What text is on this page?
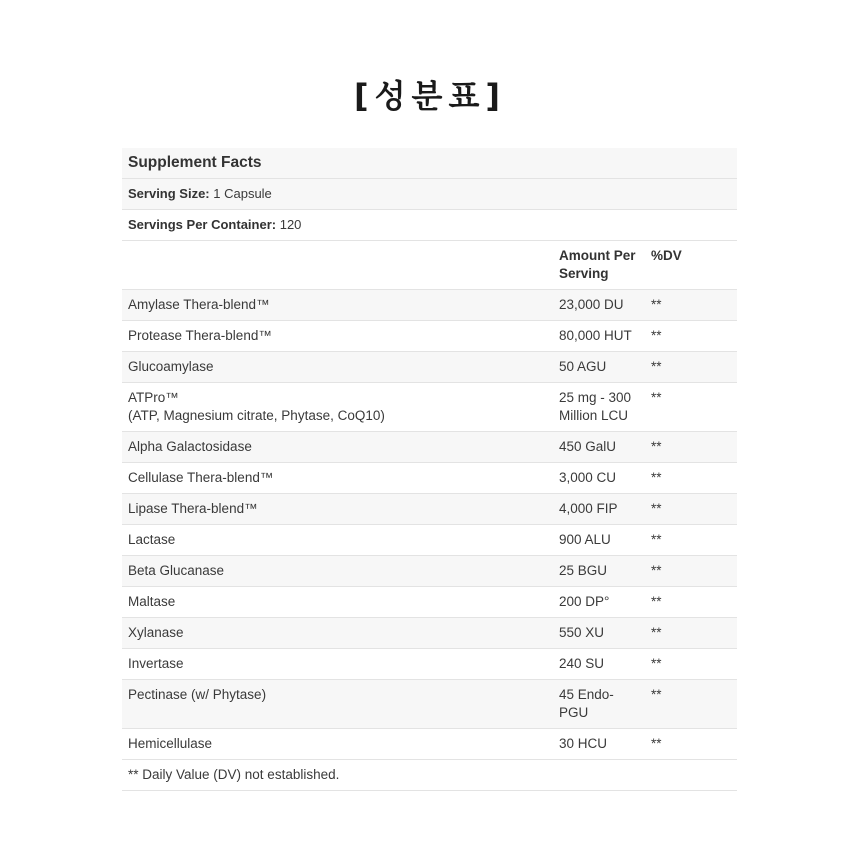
[성분표]
Supplement Facts		
Serving Size: 1 Capsule		
Servings Per Container: 120		
	Amount Per Serving	%DV

Amylase Thera-blend™	23,000 DU	**

Protease Thera-blend™	80,000 HUT	**

Glucoamylase	50 AGU	**

ATPro™
(ATP, Magnesium citrate, Phytase, CoQ10)	25 mg - 300 Million LCU	**

Alpha Galactosidase	450 GalU	**

Cellulase Thera-blend™	3,000 CU	**

Lipase Thera-blend™	4,000 FIP	**

Lactase	900 ALU	**

Beta Glucanase	25 BGU	**

Maltase	200 DP°	**

Xylanase	550 XU	**

Invertase	240 SU	**

Pectinase (w/ Phytase)	45 Endo-PGU	**

Hemicellulase	30 HCU	**
** Daily Value (DV) not established.		
